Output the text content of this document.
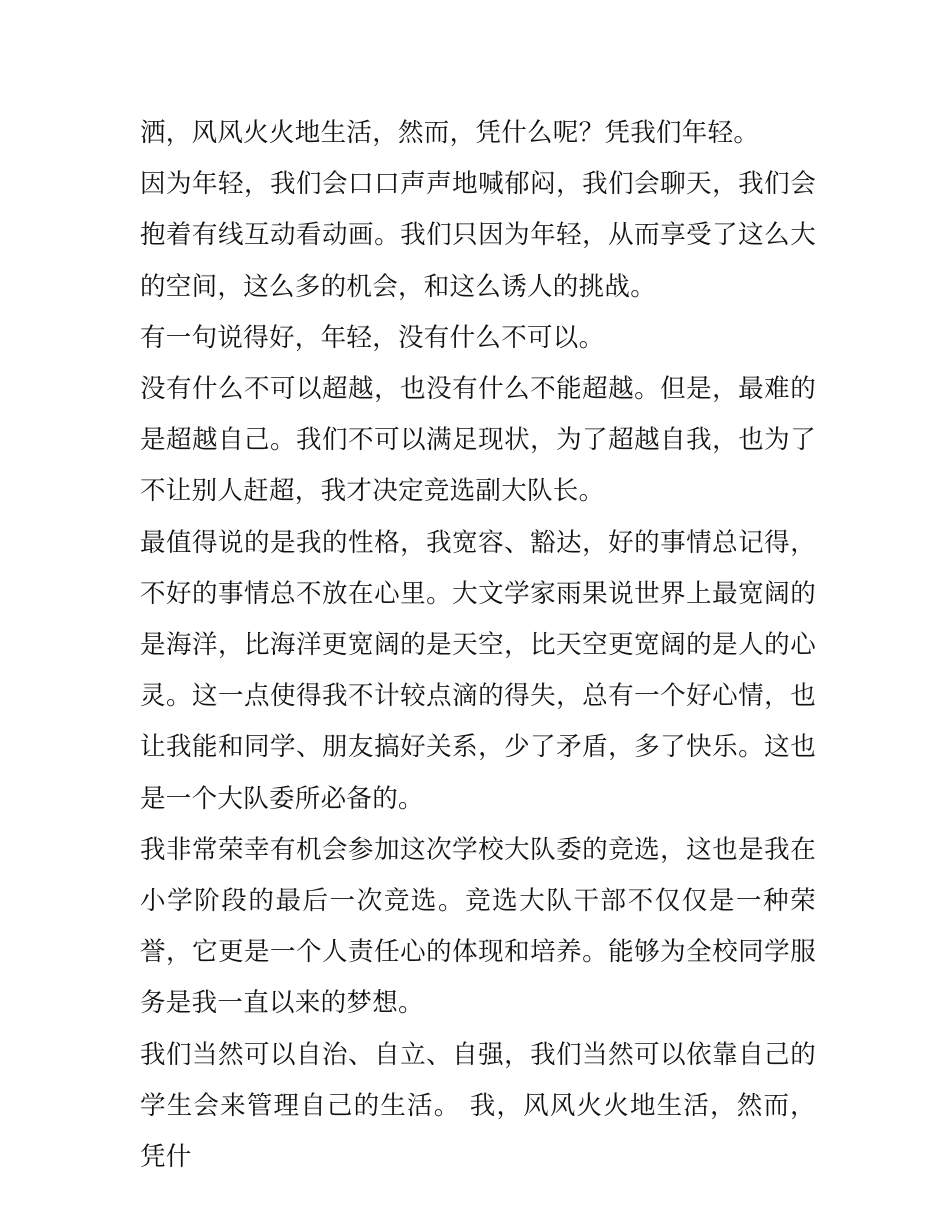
洒，风风火火地生活，然而，凭什么呢？凭我们年轻。

因为年轻，我们会口口声声地喊郁闷，我们会聊天，我们会抱着有线互动看动画。我们只因为年轻，从而享受了这么大的空间，这么多的机会，和这么诱人的挑战。

有一句说得好，年轻，没有什么不可以。

没有什么不可以超越，也没有什么不能超越。但是，最难的是超越自己。我们不可以满足现状，为了超越自我，也为了不让别人赶超，我才决定竞选副大队长。

最值得说的是我的性格，我宽容、豁达，好的事情总记得，不好的事情总不放在心里。大文学家雨果说世界上最宽阔的是海洋，比海洋更宽阔的是天空，比天空更宽阔的是人的心灵。这一点使得我不计较点滴的得失，总有一个好心情，也让我能和同学、朋友搞好关系，少了矛盾，多了快乐。这也是一个大队委所必备的。

我非常荣幸有机会参加这次学校大队委的竞选，这也是我在小学阶段的最后一次竞选。竞选大队干部不仅仅是一种荣誉，它更是一个人责任心的体现和培养。能够为全校同学服务是我一直以来的梦想。

我们当然可以自治、自立、自强，我们当然可以依靠自己的学生会来管理自己的生活。 我，风风火火地生活，然而，凭什
